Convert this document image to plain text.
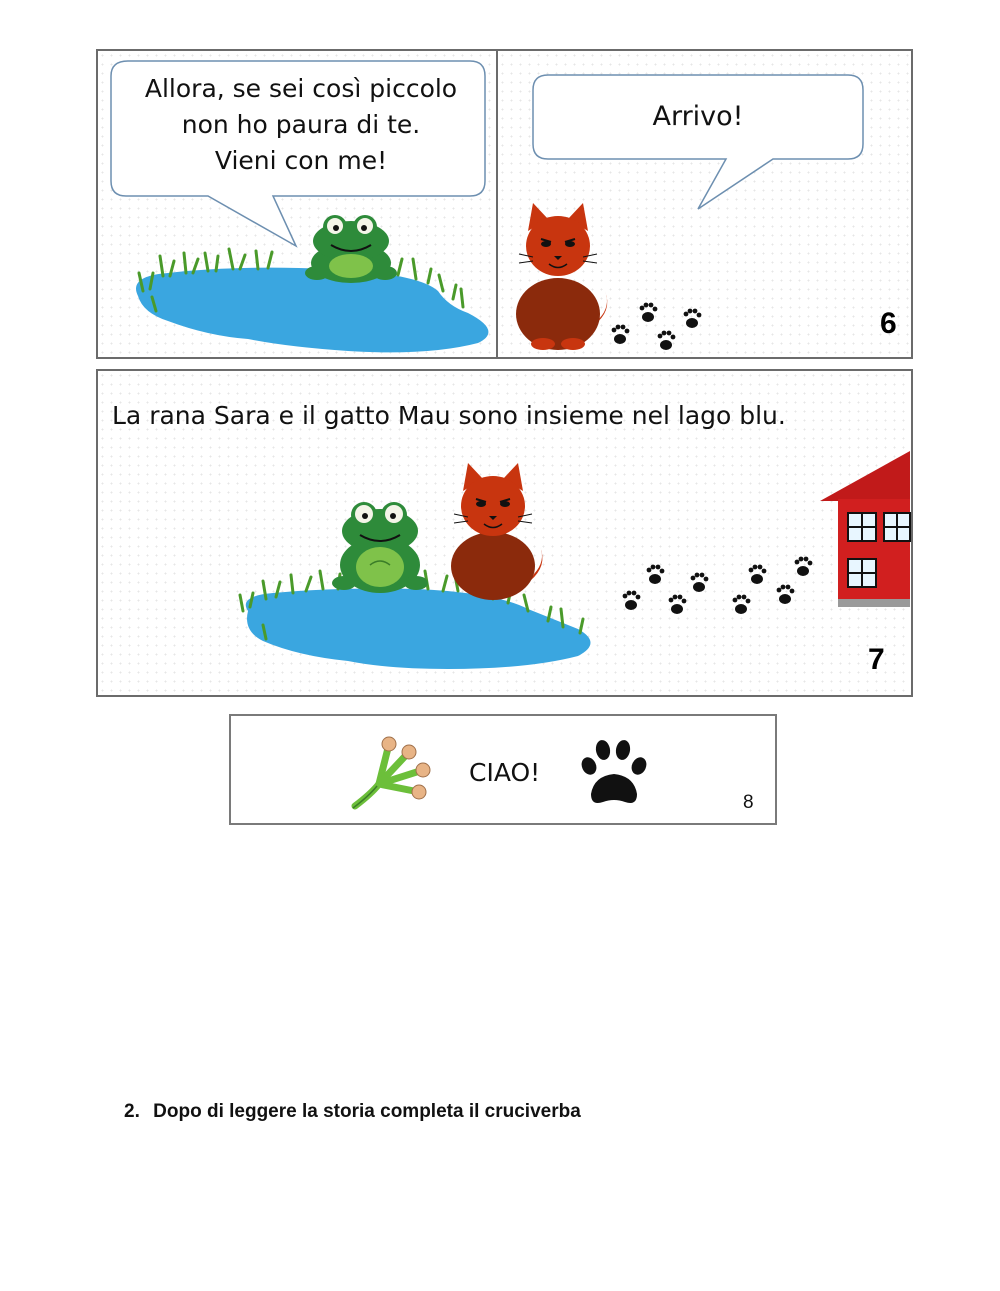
Allora, se sei così piccolo
non ho paura di te.
Vieni con me!
Arrivo!
6
La rana Sara e il gatto Mau sono insieme nel lago blu.
7
CIAO!
8
2. Dopo di leggere la storia completa il cruciverba
